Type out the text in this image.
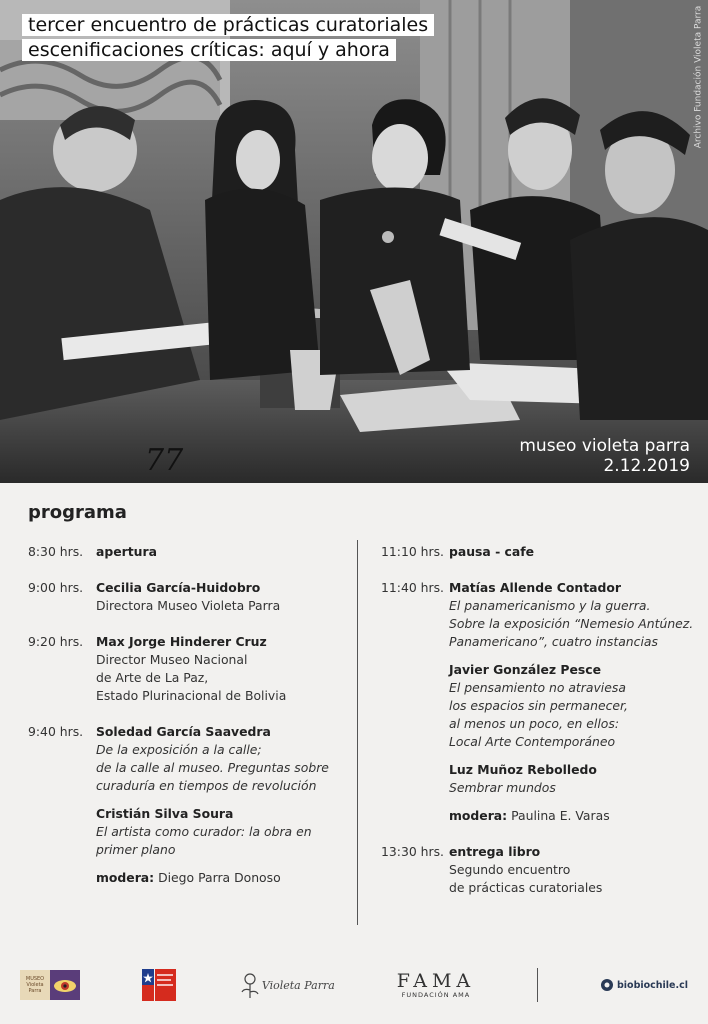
77
tercer encuentro de prácticas curatoriales
escenificaciones críticas: aquí y ahora	Archivo Fundación Violeta Parra
museo violeta parra
2.12.2019
programa
8:30 hrs.	apertura
9:00 hrs.	Cecilia García-Huidobro
Directora Museo Violeta Parra
9:20 hrs.	Max Jorge Hinderer Cruz
Director Museo Nacional
de Arte de La Paz,
Estado Plurinacional de Bolivia
9:40 hrs.	Soledad García Saavedra
De la exposición a la calle;
de la calle al museo. Preguntas sobre
curaduría en tiempos de revolución
Cristián Silva Soura
El artista como curador: la obra en
primer plano
modera: Diego Parra Donoso
11:10 hrs. pausa - cafe
11:40 hrs. Matías Allende Contador
El panamericanismo y la guerra.
Sobre la exposición “Nemesio Antúnez.
Panamericano”, cuatro instancias
Javier González Pesce
El pensamiento no atraviesa
los espacios sin permanecer,
al menos un poco, en ellos:
Local Arte Contemporáneo
Luz Muñoz Rebolledo
Sembrar mundos
modera: Paulina E. Varas
13:30 hrs. entrega libro
Segundo encuentro
de prácticas curatoriales
MUSEO
Violeta
Parra	Violeta Parra	FAMA
FUNDACIÓN AMA
biobiochile.cl
